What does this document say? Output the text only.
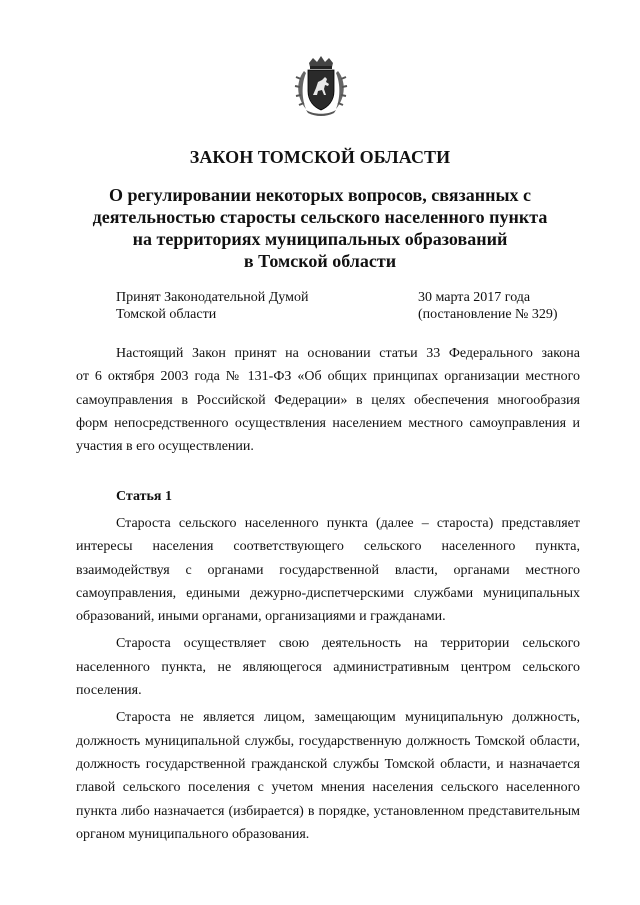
ЗАКОН ТОМСКОЙ ОБЛАСТИ
О регулировании некоторых вопросов, связанных с
деятельностью старосты сельского населенного пункта
на территориях муниципальных образований
в Томской области
Принят Законодательной Думой
Томской области
30 марта 2017 года
(постановление № 329)
Настоящий Закон принят на основании статьи 33 Федерального закона
от 6 октября 2003 года № 131-ФЗ «Об общих принципах организации местного
самоуправления в Российской Федерации» в целях обеспечения многообразия
форм непосредственного осуществления населением местного самоуправления и
участия в его осуществлении.
Статья 1
Староста сельского населенного пункта (далее – староста) представляет
интересы населения соответствующего сельского населенного пункта,
взаимодействуя с органами государственной власти, органами местного
самоуправления, едиными дежурно-диспетчерскими службами муниципальных
образований, иными органами, организациями и гражданами.
Староста осуществляет свою деятельность на территории сельского
населенного пункта, не являющегося административным центром сельского
поселения.
Староста не является лицом, замещающим муниципальную должность,
должность муниципальной службы, государственную должность Томской области,
должность государственной гражданской службы Томской области, и назначается
главой сельского поселения с учетом мнения населения сельского населенного
пункта либо назначается (избирается) в порядке, установленном представительным
органом муниципального образования.
